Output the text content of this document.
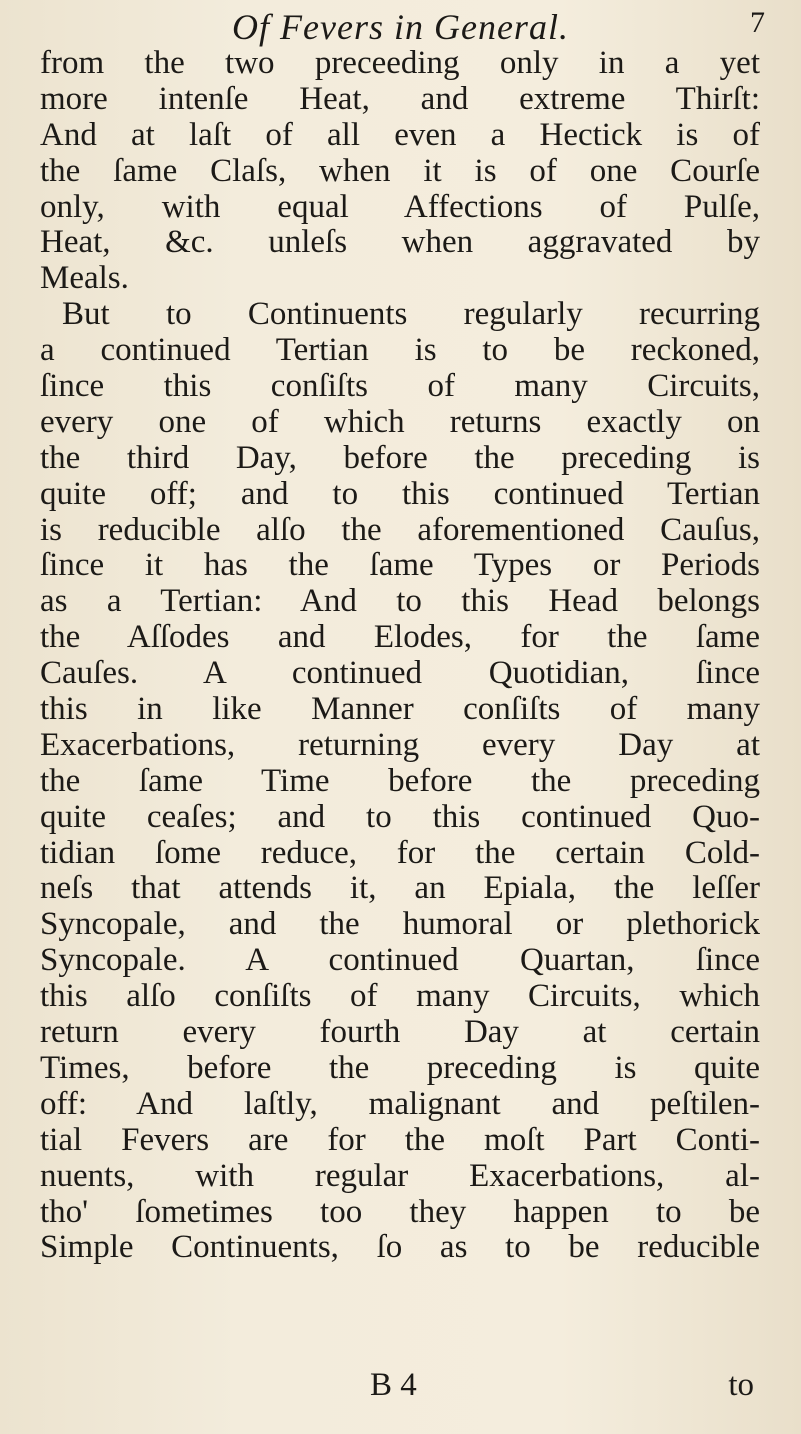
Of Fevers in General.	7
from the two preceeding only in a yet
more intenſe Heat, and extreme Thirſt:
And at laſt of all even a Hectick is of
the ſame Claſs, when it is of one Courſe
only, with equal Affections of Pulſe,
Heat, &c. unleſs when aggravated by
Meals.
But to Continuents regularly recurring
a continued Tertian is to be reckoned,
ſince this conſiſts of many Circuits,
every one of which returns exactly on
the third Day, before the preceding is
quite off; and to this continued Tertian
is reducible alſo the aforementioned Cauſus,
ſince it has the ſame Types or Periods
as a Tertian: And to this Head belongs
the Aſſodes and Elodes, for the ſame
Cauſes. A continued Quotidian, ſince
this in like Manner conſiſts of many
Exacerbations, returning every Day at
the ſame Time before the preceding
quite ceaſes; and to this continued Quo-
tidian ſome reduce, for the certain Cold-
neſs that attends it, an Epiala, the leſſer
Syncopale, and the humoral or plethorick
Syncopale. A continued Quartan, ſince
this alſo conſiſts of many Circuits, which
return every fourth Day at certain
Times, before the preceding is quite
off: And laſtly, malignant and peſtilen-
tial Fevers are for the moſt Part Conti-
nuents, with regular Exacerbations, al-
tho' ſometimes too they happen to be
Simple Continuents, ſo as to be reducible
B 4	to
